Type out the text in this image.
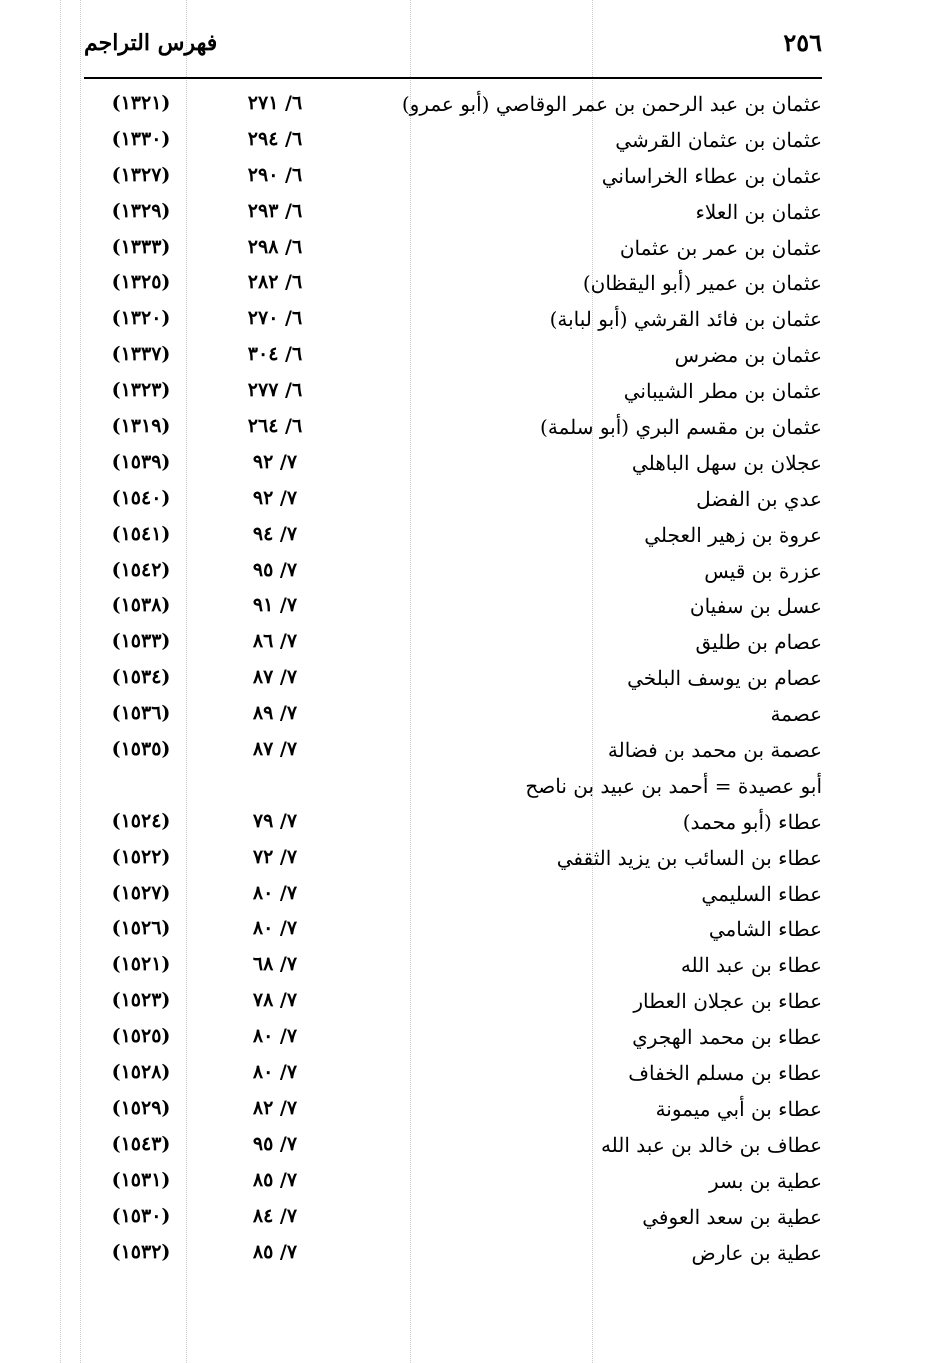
٢٥٦
فهرس التراجم
عثمان بن عبد الرحمن بن عمر الوقاصي (أبو عمرو)
٦/ ٢٧١
(١٣٢١)
عثمان بن عثمان القرشي
٦/ ٢٩٤
(١٣٣٠)
عثمان بن عطاء الخراساني
٦/ ٢٩٠
(١٣٢٧)
عثمان بن العلاء
٦/ ٢٩٣
(١٣٢٩)
عثمان بن عمر بن عثمان
٦/ ٢٩٨
(١٣٣٣)
عثمان بن عمير (أبو اليقظان)
٦/ ٢٨٢
(١٣٢٥)
عثمان بن فائد القرشي (أبو لبابة)
٦/ ٢٧٠
(١٣٢٠)
عثمان بن مضرس
٦/ ٣٠٤
(١٣٣٧)
عثمان بن مطر الشيباني
٦/ ٢٧٧
(١٣٢٣)
عثمان بن مقسم البري (أبو سلمة)
٦/ ٢٦٤
(١٣١٩)
عجلان بن سهل الباهلي
٧/ ٩٢
(١٥٣٩)
عدي بن الفضل
٧/ ٩٢
(١٥٤٠)
عروة بن زهير العجلي
٧/ ٩٤
(١٥٤١)
عزرة بن قيس
٧/ ٩٥
(١٥٤٢)
عسل بن سفيان
٧/ ٩١
(١٥٣٨)
عصام بن طليق
٧/ ٨٦
(١٥٣٣)
عصام بن يوسف البلخي
٧/ ٨٧
(١٥٣٤)
عصمة
٧/ ٨٩
(١٥٣٦)
عصمة بن محمد بن فضالة
٧/ ٨٧
(١٥٣٥)
أبو عصيدة = أحمد بن عبيد بن ناصح
عطاء (أبو محمد)
٧/ ٧٩
(١٥٢٤)
عطاء بن السائب بن يزيد الثقفي
٧/ ٧٢
(١٥٢٢)
عطاء السليمي
٧/ ٨٠
(١٥٢٧)
عطاء الشامي
٧/ ٨٠
(١٥٢٦)
عطاء بن عبد الله
٧/ ٦٨
(١٥٢١)
عطاء بن عجلان العطار
٧/ ٧٨
(١٥٢٣)
عطاء بن محمد الهجري
٧/ ٨٠
(١٥٢٥)
عطاء بن مسلم الخفاف
٧/ ٨٠
(١٥٢٨)
عطاء بن أبي ميمونة
٧/ ٨٢
(١٥٢٩)
عطاف بن خالد بن عبد الله
٧/ ٩٥
(١٥٤٣)
عطية بن بسر
٧/ ٨٥
(١٥٣١)
عطية بن سعد العوفي
٧/ ٨٤
(١٥٣٠)
عطية بن عارض
٧/ ٨٥
(١٥٣٢)
